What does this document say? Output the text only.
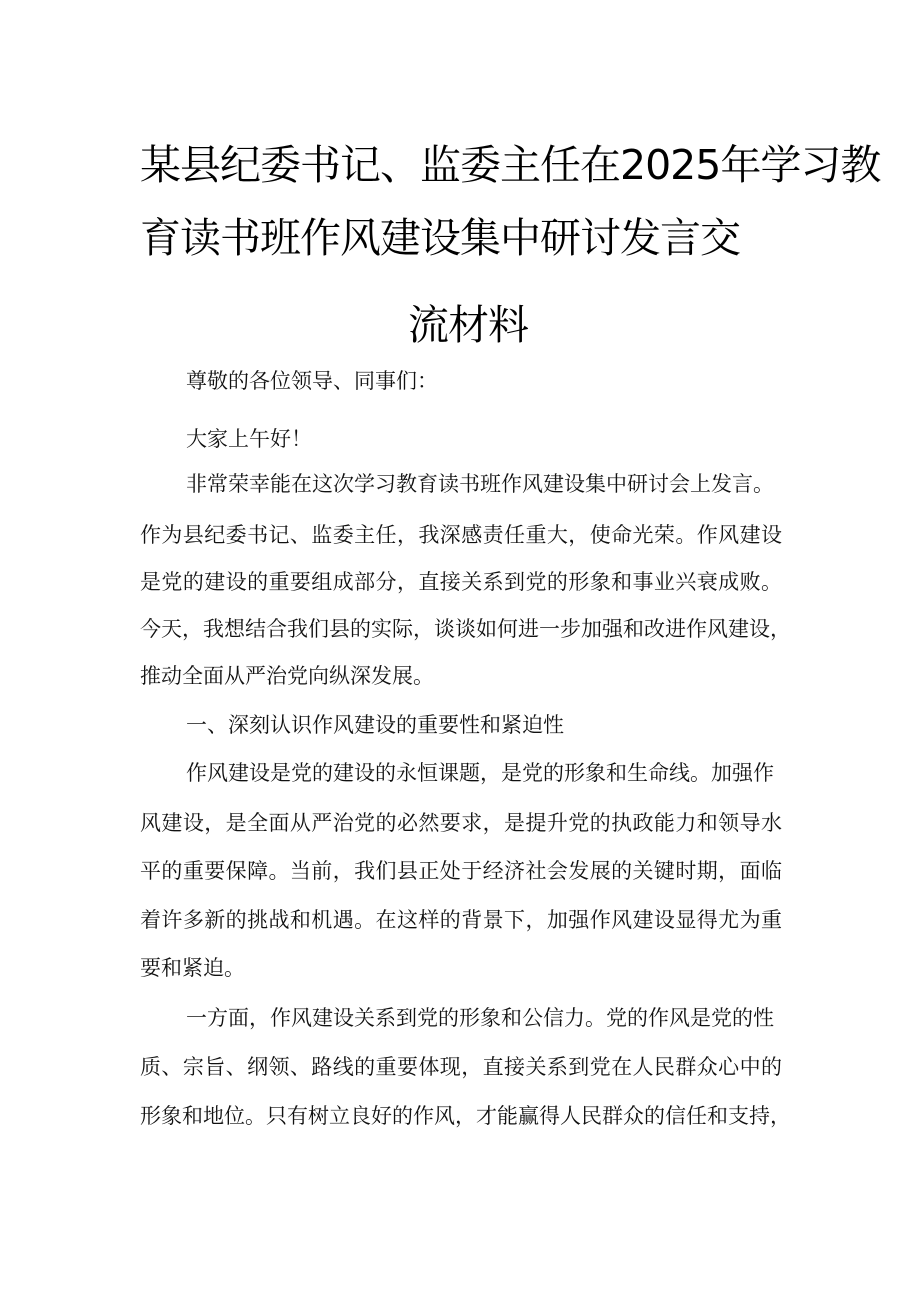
某县纪委书记、监委主任在2025年学习教
育读书班作风建设集中研讨发言交
流材料
尊敬的各位领导、同事们：
大家上午好！
非常荣幸能在这次学习教育读书班作风建设集中研讨会上发言。
作为县纪委书记、监委主任，我深感责任重大，使命光荣。作风建设
是党的建设的重要组成部分，直接关系到党的形象和事业兴衰成败。
今天，我想结合我们县的实际，谈谈如何进一步加强和改进作风建设，
推动全面从严治党向纵深发展。
一、深刻认识作风建设的重要性和紧迫性
作风建设是党的建设的永恒课题，是党的形象和生命线。加强作
风建设，是全面从严治党的必然要求，是提升党的执政能力和领导水
平的重要保障。当前，我们县正处于经济社会发展的关键时期，面临
着许多新的挑战和机遇。在这样的背景下，加强作风建设显得尤为重
要和紧迫。
一方面，作风建设关系到党的形象和公信力。党的作风是党的性
质、宗旨、纲领、路线的重要体现，直接关系到党在人民群众心中的
形象和地位。只有树立良好的作风，才能赢得人民群众的信任和支持，
